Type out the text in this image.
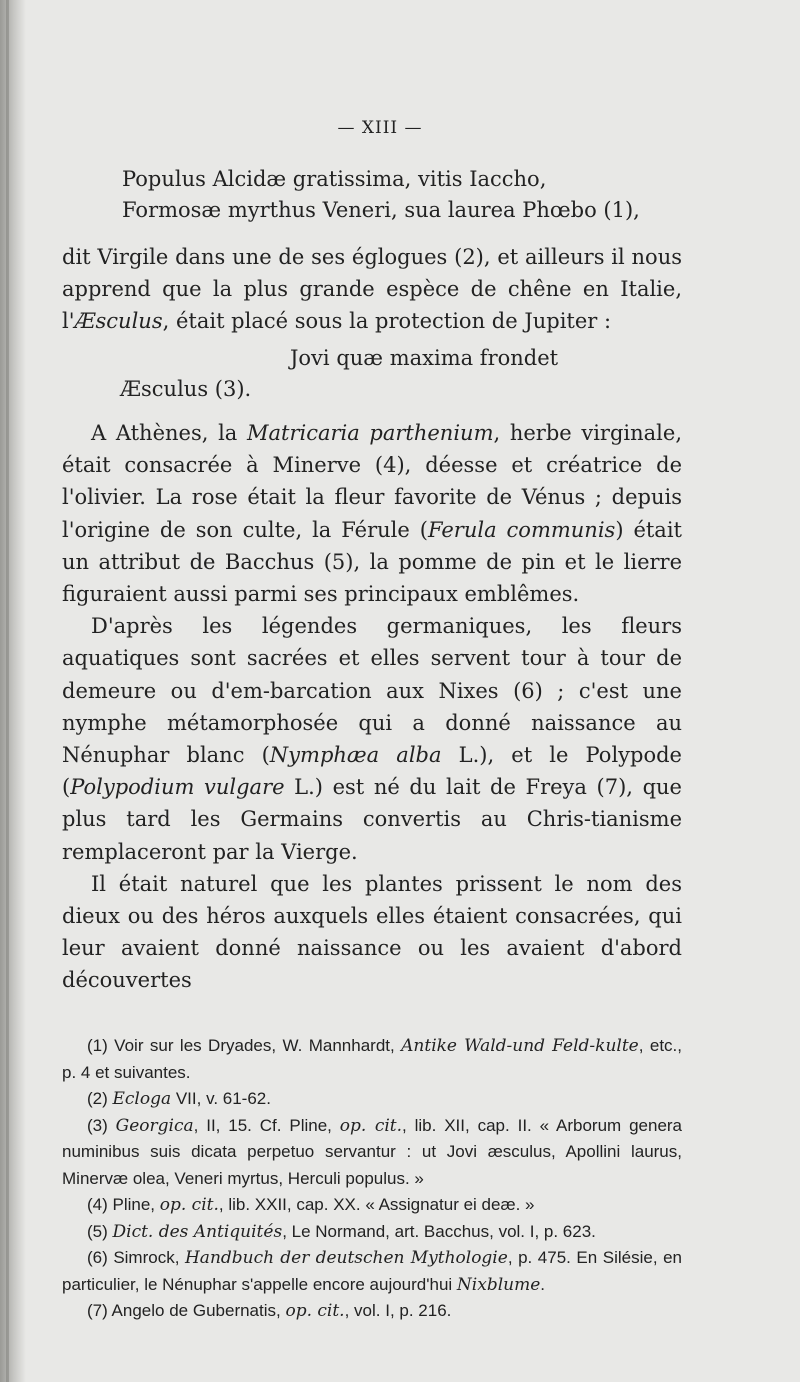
— XIII —
Populus Alcidæ gratissima, vitis Iaccho,
Formosæ myrthus Veneri, sua laurea Phœbo (1),

dit Virgile dans une de ses églogues (2), et ailleurs il nous apprend que la plus grande espèce de chêne en Italie, l'Æsculus, était placé sous la protection de Jupiter :

Jovi quæ maxima frondet
Æsculus (3).

A Athènes, la Matricaria parthenium, herbe virginale, était consacrée à Minerve (4), déesse et créatrice de l'olivier. La rose était la fleur favorite de Vénus ; depuis l'origine de son culte, la Férule (Ferula communis) était un attribut de Bacchus (5), la pomme de pin et le lierre figuraient aussi parmi ses principaux emblêmes.

D'après les légendes germaniques, les fleurs aquatiques sont sacrées et elles servent tour à tour de demeure ou d'em-barcation aux Nixes (6) ; c'est une nymphe métamorphosée qui a donné naissance au Nénuphar blanc (Nymphæa alba L.), et le Polypode (Polypodium vulgare L.) est né du lait de Freya (7), que plus tard les Germains convertis au Chris-tianisme remplaceront par la Vierge.

Il était naturel que les plantes prissent le nom des dieux ou des héros auxquels elles étaient consacrées, qui leur avaient donné naissance ou les avaient d'abord découvertes

(1) Voir sur les Dryades, W. Mannhardt, Antike Wald-und Feld-kulte, etc., p. 4 et suivantes.

(2) Ecloga VII, v. 61-62.

(3) Georgica, II, 15. Cf. Pline, op. cit., lib. XII, cap. II. « Arborum genera numinibus suis dicata perpetuo servantur : ut Jovi æsculus, Apollini laurus, Minervæ olea, Veneri myrtus, Herculi populus. »

(4) Pline, op. cit., lib. XXII, cap. XX. « Assignatur ei deæ. »

(5) Dict. des Antiquités, Le Normand, art. Bacchus, vol. I, p. 623.

(6) Simrock, Handbuch der deutschen Mythologie, p. 475. En Silésie, en particulier, le Nénuphar s'appelle encore aujourd'hui Nixblume.

(7) Angelo de Gubernatis, op. cit., vol. I, p. 216.
